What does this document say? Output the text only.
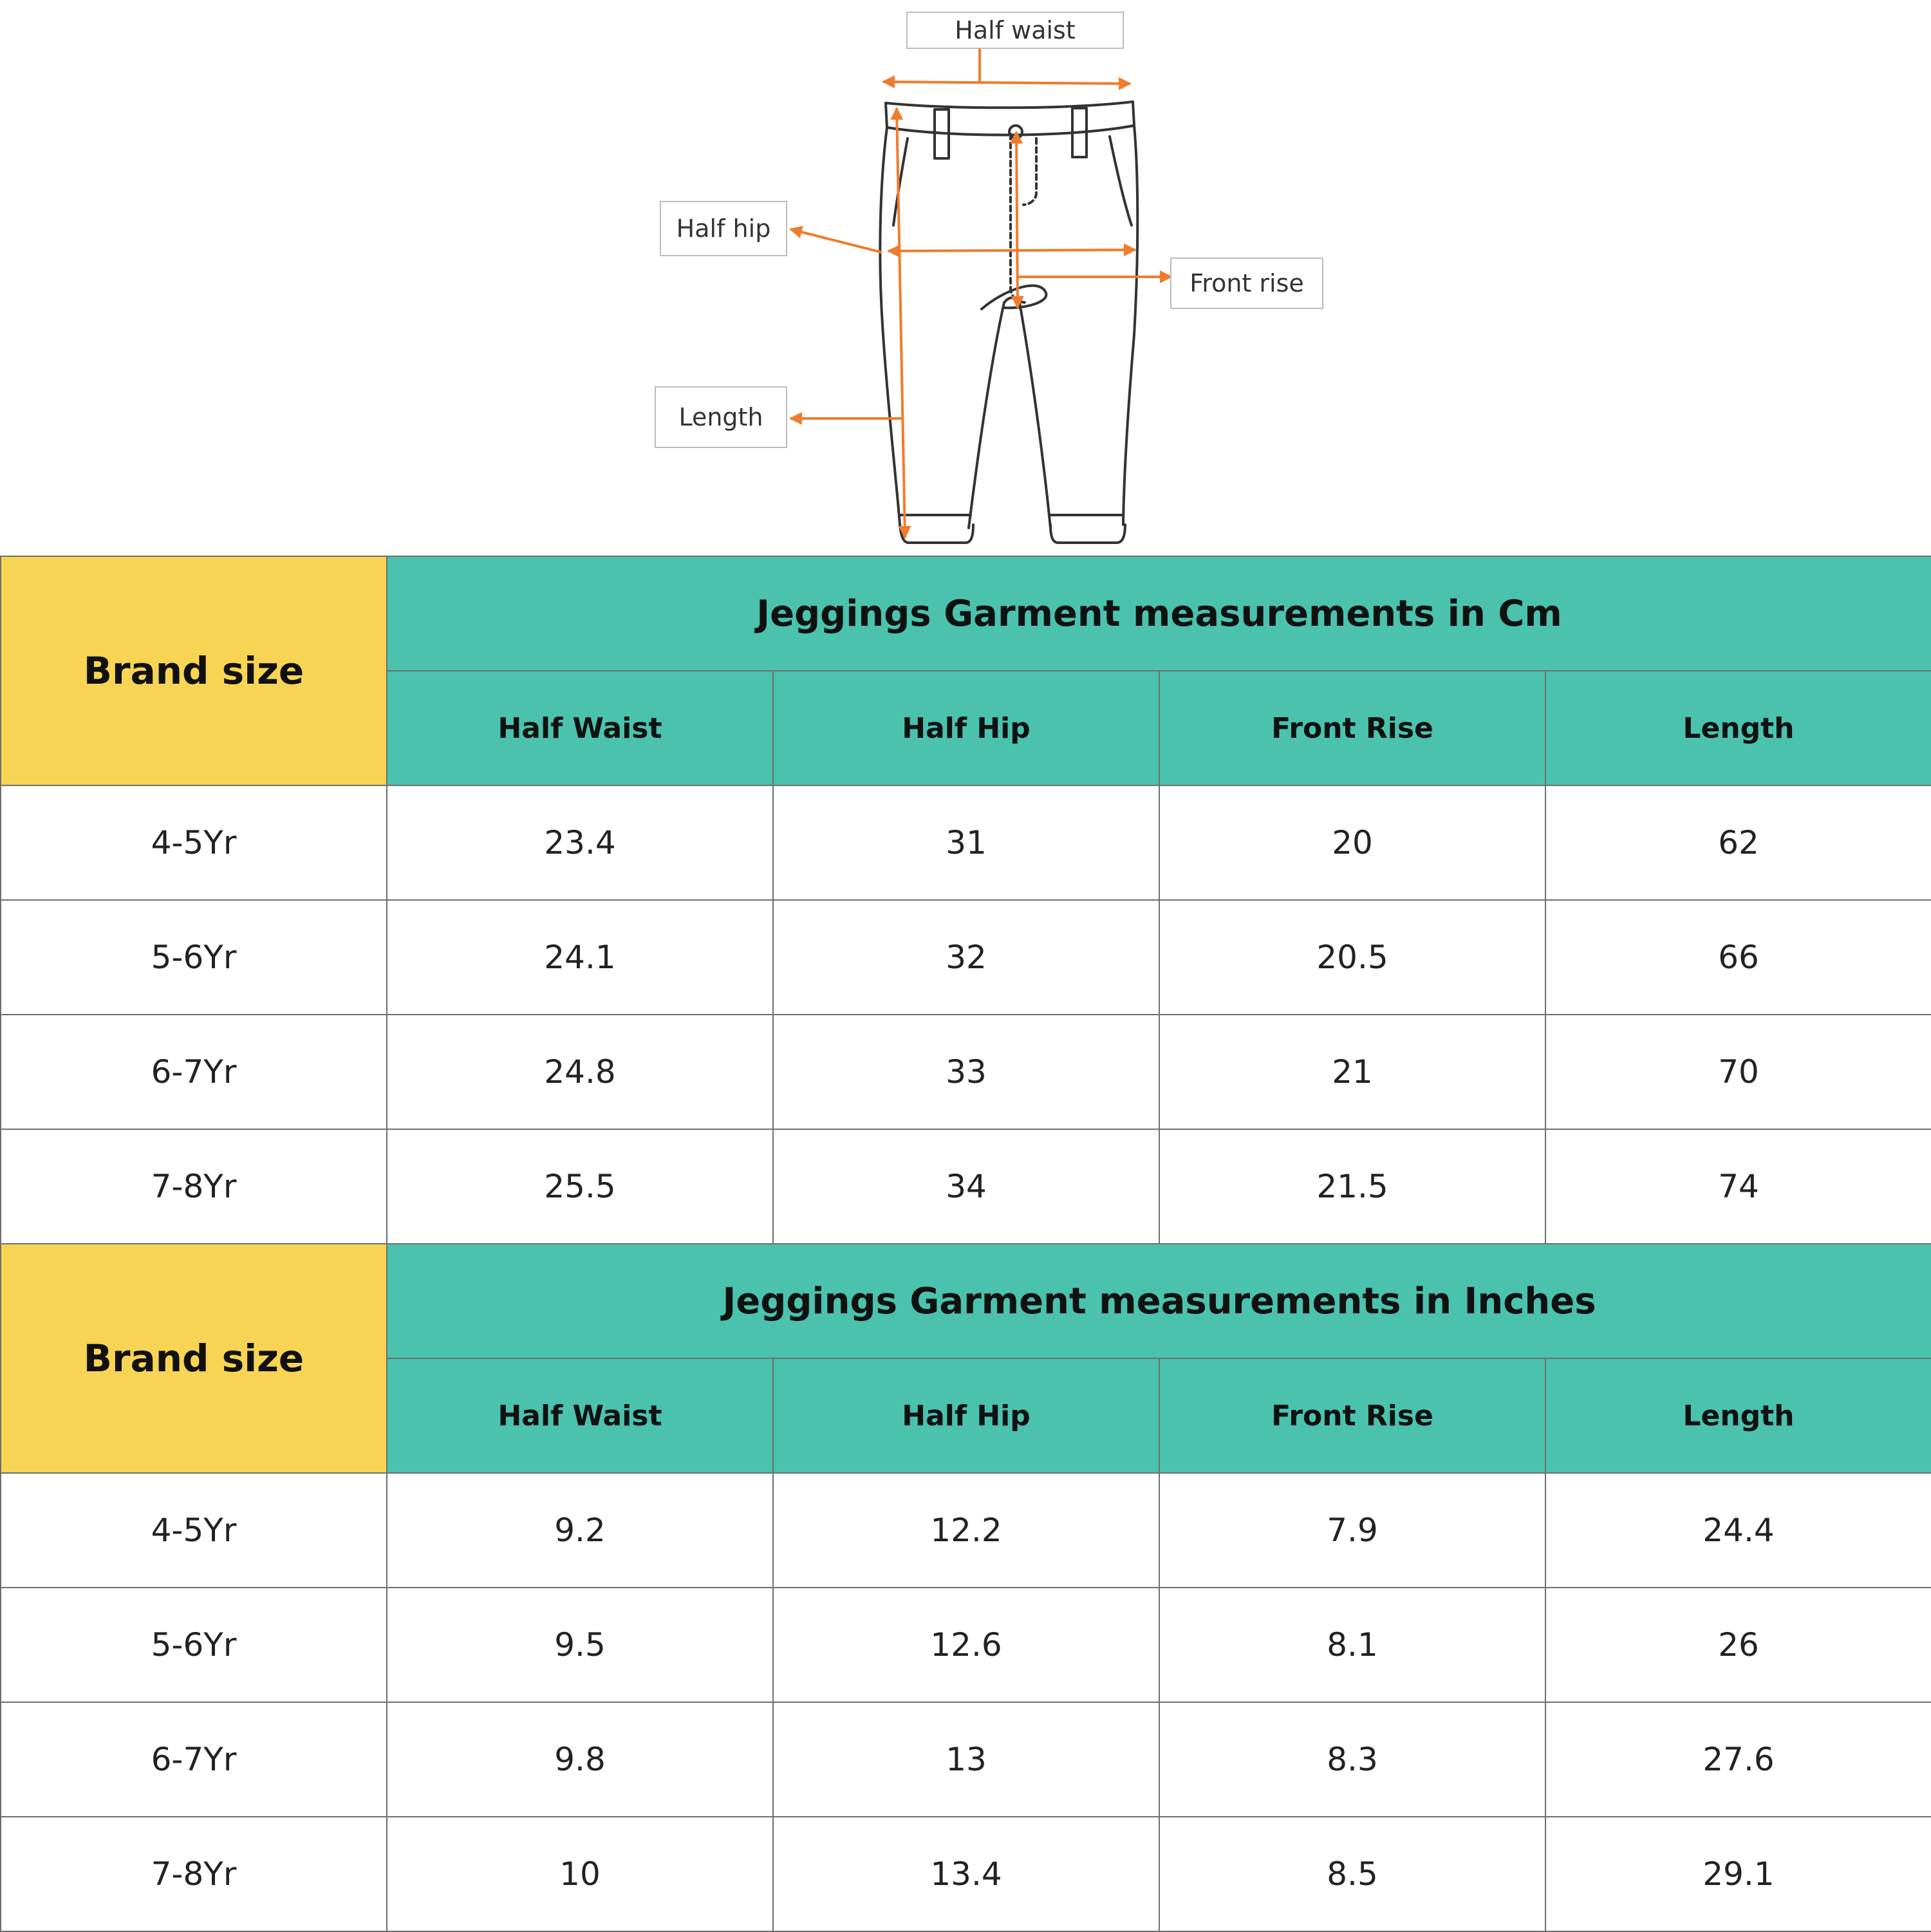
Half waist
Half hip
Front rise
Length
Brand size	Jeggings Garment measurements in Cm			
	Half Waist	Half Hip	Front Rise	Length
4-5Yr	23.4	31	20	62
5-6Yr	24.1	32	20.5	66
6-7Yr	24.8	33	21	70
7-8Yr	25.5	34	21.5	74
Brand size	Jeggings Garment measurements in Inches			
	Half Waist	Half Hip	Front Rise	Length
4-5Yr	9.2	12.2	7.9	24.4
5-6Yr	9.5	12.6	8.1	26
6-7Yr	9.8	13	8.3	27.6
7-8Yr	10	13.4	8.5	29.1
